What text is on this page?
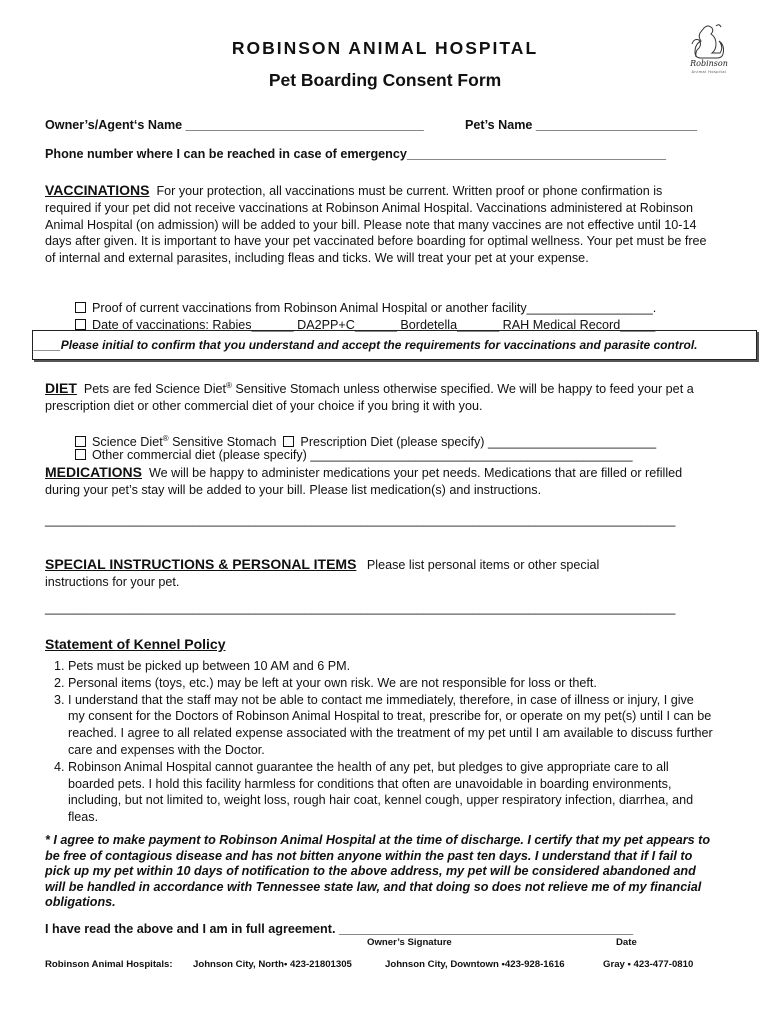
ROBINSON ANIMAL HOSPITAL
Pet Boarding Consent Form
Robinson
Animal Hospital
Owner’s/Agent‘s Name __________________________________	Pet’s Name _______________________
Phone number where I can be reached in case of emergency_____________________________________
VACCINATIONS For your protection, all vaccinations must be current. Written proof or phone confirmation is required if your pet did not receive vaccinations at Robinson Animal Hospital. Vaccinations administered at Robinson Animal Hospital (on admission) will be added to your bill. Please note that many vaccines are not effective until 10-14 days after given. It is important to have your pet vaccinated before boarding for optimal wellness. Your pet must be free of internal and external parasites, including fleas and ticks. We will treat your pet at your expense.

Proof of current vaccinations from Robinson Animal Hospital or another facility__________________.

Date of vaccinations: Rabies______ DA2PP+C______ Bordetella______ RAH Medical Record_____

____Please initial to confirm that you understand and accept the requirements for vaccinations and parasite control.
DIET Pets are fed Science Diet® Sensitive Stomach unless otherwise specified. We will be happy to feed your pet a prescription diet or other commercial diet of your choice if you bring it with you.

Science Diet® Sensitive Stomach Prescription Diet (please specify) ________________________

Other commercial diet (please specify) ______________________________________________

MEDICATIONS We will be happy to administer medications your pet needs. Medications that are filled or refilled during your pet’s stay will be added to your bill. Please list medication(s) and instructions.
__________________________________________________________________________________________
SPECIAL INSTRUCTIONS & PERSONAL ITEMS Please list personal items or other special instructions for your pet.
__________________________________________________________________________________________
Statement of Kennel Policy
1. Pets must be picked up between 10 AM and 6 PM.
2. Personal items (toys, etc.) may be left at your own risk. We are not responsible for loss or theft.
3. I understand that the staff may not be able to contact me immediately, therefore, in case of illness or injury, I give my consent for the Doctors of Robinson Animal Hospital to treat, prescribe for, or operate on my pet(s) until I can be reached. I agree to all related expense associated with the treatment of my pet until I am available to discuss further care and expenses with the Doctor.
4. Robinson Animal Hospital cannot guarantee the health of any pet, but pledges to give appropriate care to all boarded pets. I hold this facility harmless for conditions that often are unavoidable in boarding environments, including, but not limited to, weight loss, rough hair coat, kennel cough, upper respiratory infection, diarrhea, and fleas.
* I agree to make payment to Robinson Animal Hospital at the time of discharge. I certify that my pet appears to be free of contagious disease and has not bitten anyone within the past ten days. I understand that if I fail to pick up my pet within 10 days of notification to the above address, my pet will be considered abandoned and will be handled in accordance with Tennessee state law, and that doing so does not relieve me of my financial obligations.
I have read the above and I am in full agreement. __________________________________________
Owner’s Signature	Date
Robinson Animal Hospitals: Johnson City, North• 423-21801305	Johnson City, Downtown •423-928-1616	Gray • 423-477-0810
